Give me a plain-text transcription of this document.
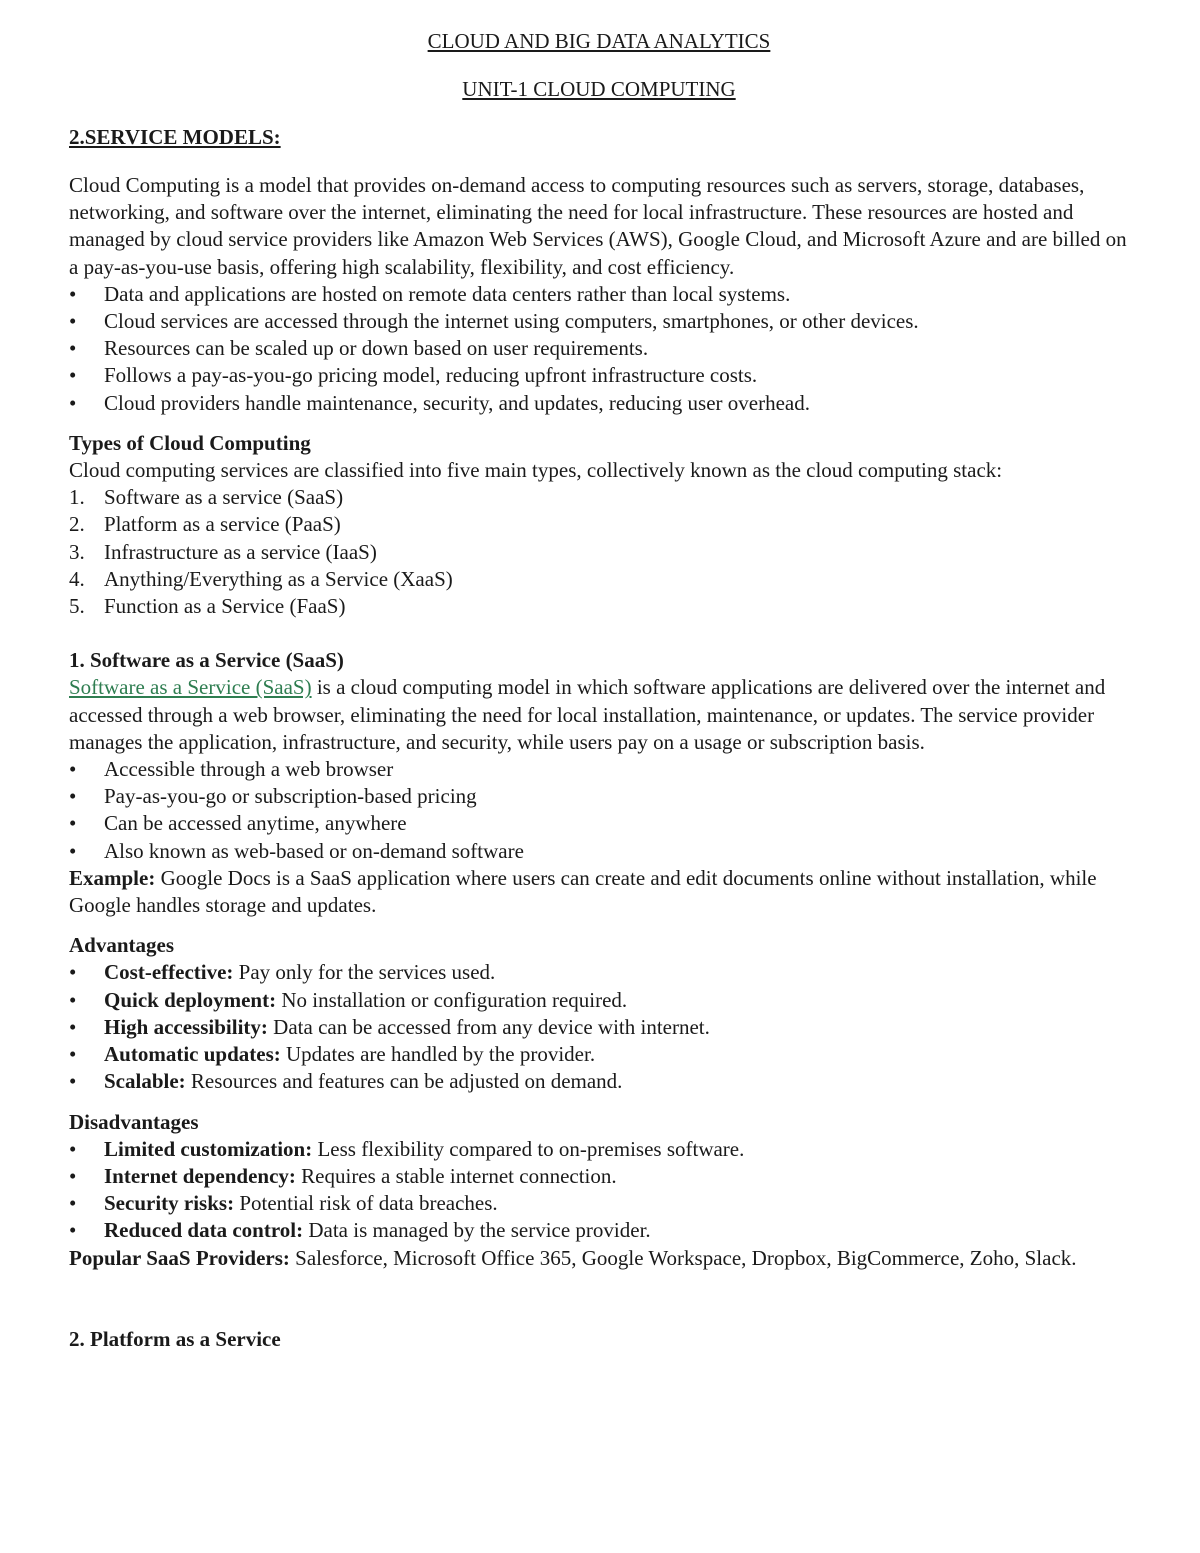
CLOUD AND BIG DATA ANALYTICS

UNIT-1 CLOUD COMPUTING

2.SERVICE MODELS:

Cloud Computing is a model that provides on-demand access to computing resources such as servers, storage, databases, networking, and software over the internet, eliminating the need for local infrastructure. These resources are hosted and managed by cloud service providers like Amazon Web Services (AWS), Google Cloud, and Microsoft Azure and are billed on a pay-as-you-use basis, offering high scalability, flexibility, and cost efficiency.

•	Data and applications are hosted on remote data centers rather than local systems.
•	Cloud services are accessed through the internet using computers, smartphones, or other devices.
•	Resources can be scaled up or down based on user requirements.
•	Follows a pay-as-you-go pricing model, reducing upfront infrastructure costs.
•	Cloud providers handle maintenance, security, and updates, reducing user overhead.

Types of Cloud Computing

Cloud computing services are classified into five main types, collectively known as the cloud computing stack:

1. Software as a service (SaaS)
2. Platform as a service (PaaS)
3. Infrastructure as a service (IaaS)
4. Anything/Everything as a Service (XaaS)
5. Function as a Service (FaaS)

1. Software as a Service (SaaS)

Software as a Service (SaaS) is a cloud computing model in which software applications are delivered over the internet and accessed through a web browser, eliminating the need for local installation, maintenance, or updates. The service provider manages the application, infrastructure, and security, while users pay on a usage or subscription basis.

•	Accessible through a web browser
•	Pay-as-you-go or subscription-based pricing
•	Can be accessed anytime, anywhere
•	Also known as web-based or on-demand software

Example: Google Docs is a SaaS application where users can create and edit documents online without installation, while Google handles storage and updates.

Advantages

•	Cost-effective: Pay only for the services used.
•	Quick deployment: No installation or configuration required.
•	High accessibility: Data can be accessed from any device with internet.
•	Automatic updates: Updates are handled by the provider.
•	Scalable: Resources and features can be adjusted on demand.

Disadvantages

•	Limited customization: Less flexibility compared to on-premises software.
•	Internet dependency: Requires a stable internet connection.
•	Security risks: Potential risk of data breaches.
•	Reduced data control: Data is managed by the service provider.

Popular SaaS Providers: Salesforce, Microsoft Office 365, Google Workspace, Dropbox, BigCommerce, Zoho, Slack.

2. Platform as a Service
